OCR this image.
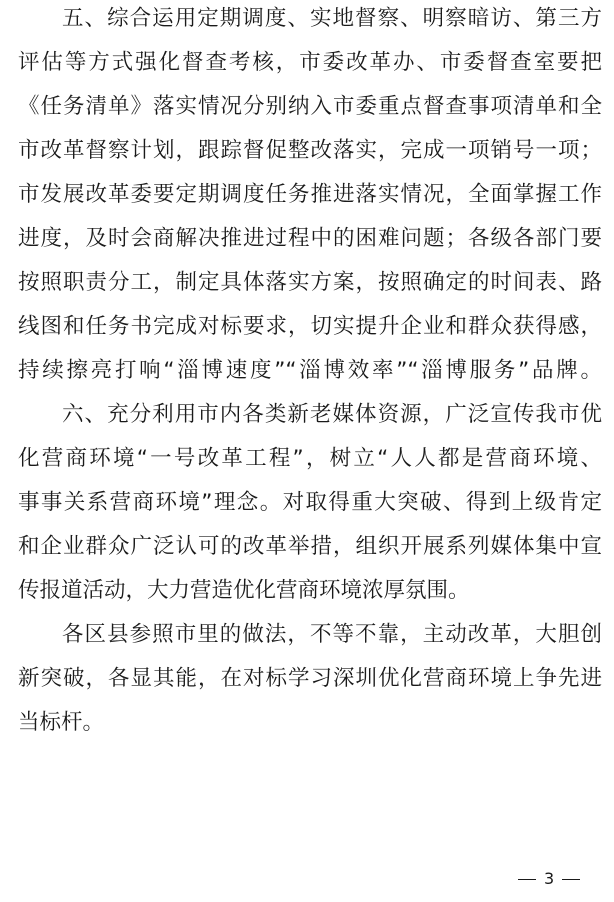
五、综合运用定期调度、实地督察、明察暗访、第三方
评估等方式强化督查考核，市委改革办、市委督查室要把
《任务清单》落实情况分别纳入市委重点督查事项清单和全
市改革督察计划，跟踪督促整改落实，完成一项销号一项；
市发展改革委要定期调度任务推进落实情况，全面掌握工作
进度，及时会商解决推进过程中的困难问题；各级各部门要
按照职责分工，制定具体落实方案，按照确定的时间表、路
线图和任务书完成对标要求，切实提升企业和群众获得感，
持续擦亮打响“淄博速度”“淄博效率”“淄博服务”品牌。
六、充分利用市内各类新老媒体资源，广泛宣传我市优
化营商环境“一号改革工程”，树立“人人都是营商环境、
事事关系营商环境”理念。对取得重大突破、得到上级肯定
和企业群众广泛认可的改革举措，组织开展系列媒体集中宣
传报道活动，大力营造优化营商环境浓厚氛围。
各区县参照市里的做法，不等不靠，主动改革，大胆创
新突破，各显其能，在对标学习深圳优化营商环境上争先进
当标杆。
3
